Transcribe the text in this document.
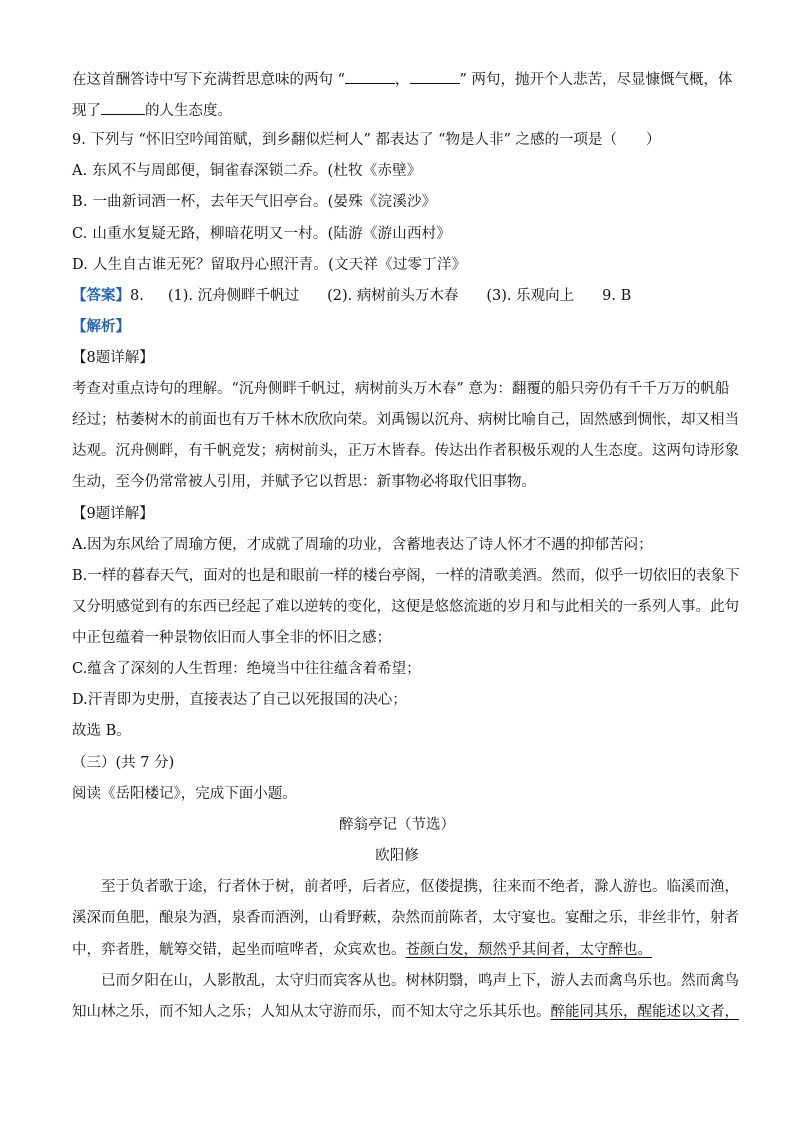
在这首酬答诗中写下充满哲思意味的两句 “	，	” 两句，抛开个人悲苦，尽显慷慨气概，体
现了	的人生态度。
9. 下列与 “怀旧空吟闻笛赋，到乡翻似烂柯人” 都表达了 “物是人非” 之感的一项是（　　）
A. 东风不与周郎便，铜雀春深锁二乔。(杜牧《赤壁》
B. 一曲新词酒一杯，去年天气旧亭台。(晏殊《浣溪沙》
C. 山重水复疑无路，柳暗花明又一村。(陆游《游山西村》
D. 人生自古谁无死？留取丹心照汗青。(文天祥《过零丁洋》
【答案】8. (1). 沉舟侧畔千帆过 (2). 病树前头万木春 (3). 乐观向上 9. B
【解析】
【8题详解】
考查对重点诗句的理解。“沉舟侧畔千帆过，病树前头万木春” 意为：翻覆的船只旁仍有千千万万的帆船
经过；枯萎树木的前面也有万千林木欣欣向荣。刘禹锡以沉舟、病树比喻自己，固然感到惆怅，却又相当
达观。沉舟侧畔，有千帆竞发；病树前头，正万木皆春。传达出作者积极乐观的人生态度。这两句诗形象
生动，至今仍常常被人引用，并赋予它以哲思：新事物必将取代旧事物。
【9题详解】
A.因为东风给了周瑜方便，才成就了周瑜的功业，含蓄地表达了诗人怀才不遇的抑郁苦闷；
B.一样的暮春天气，面对的也是和眼前一样的楼台亭阁，一样的清歌美酒。然而，似乎一切依旧的表象下
又分明感觉到有的东西已经起了难以逆转的变化，这便是悠悠流逝的岁月和与此相关的一系列人事。此句
中正包蕴着一种景物依旧而人事全非的怀旧之感；
C.蕴含了深刻的人生哲理：绝境当中往往蕴含着希望；
D.汗青即为史册，直接表达了自己以死报国的决心；
故选 B。
（三）(共 7 分)
阅读《岳阳楼记》，完成下面小题。
醉翁亭记（节选）
欧阳修
至于负者歌于途，行者休于树，前者呼，后者应，伛偻提携，往来而不绝者，滁人游也。临溪而渔，
溪深而鱼肥，酿泉为酒，泉香而酒洌，山肴野蔌，杂然而前陈者，太守宴也。宴酣之乐，非丝非竹，射者
中，弈者胜，觥筹交错，起坐而喧哗者，众宾欢也。苍颜白发，颓然乎其间者，太守醉也。
已而夕阳在山，人影散乱，太守归而宾客从也。树林阴翳，鸣声上下，游人去而禽鸟乐也。然而禽鸟
知山林之乐，而不知人之乐；人知从太守游而乐，而不知太守之乐其乐也。醉能同其乐，醒能述以文者，
